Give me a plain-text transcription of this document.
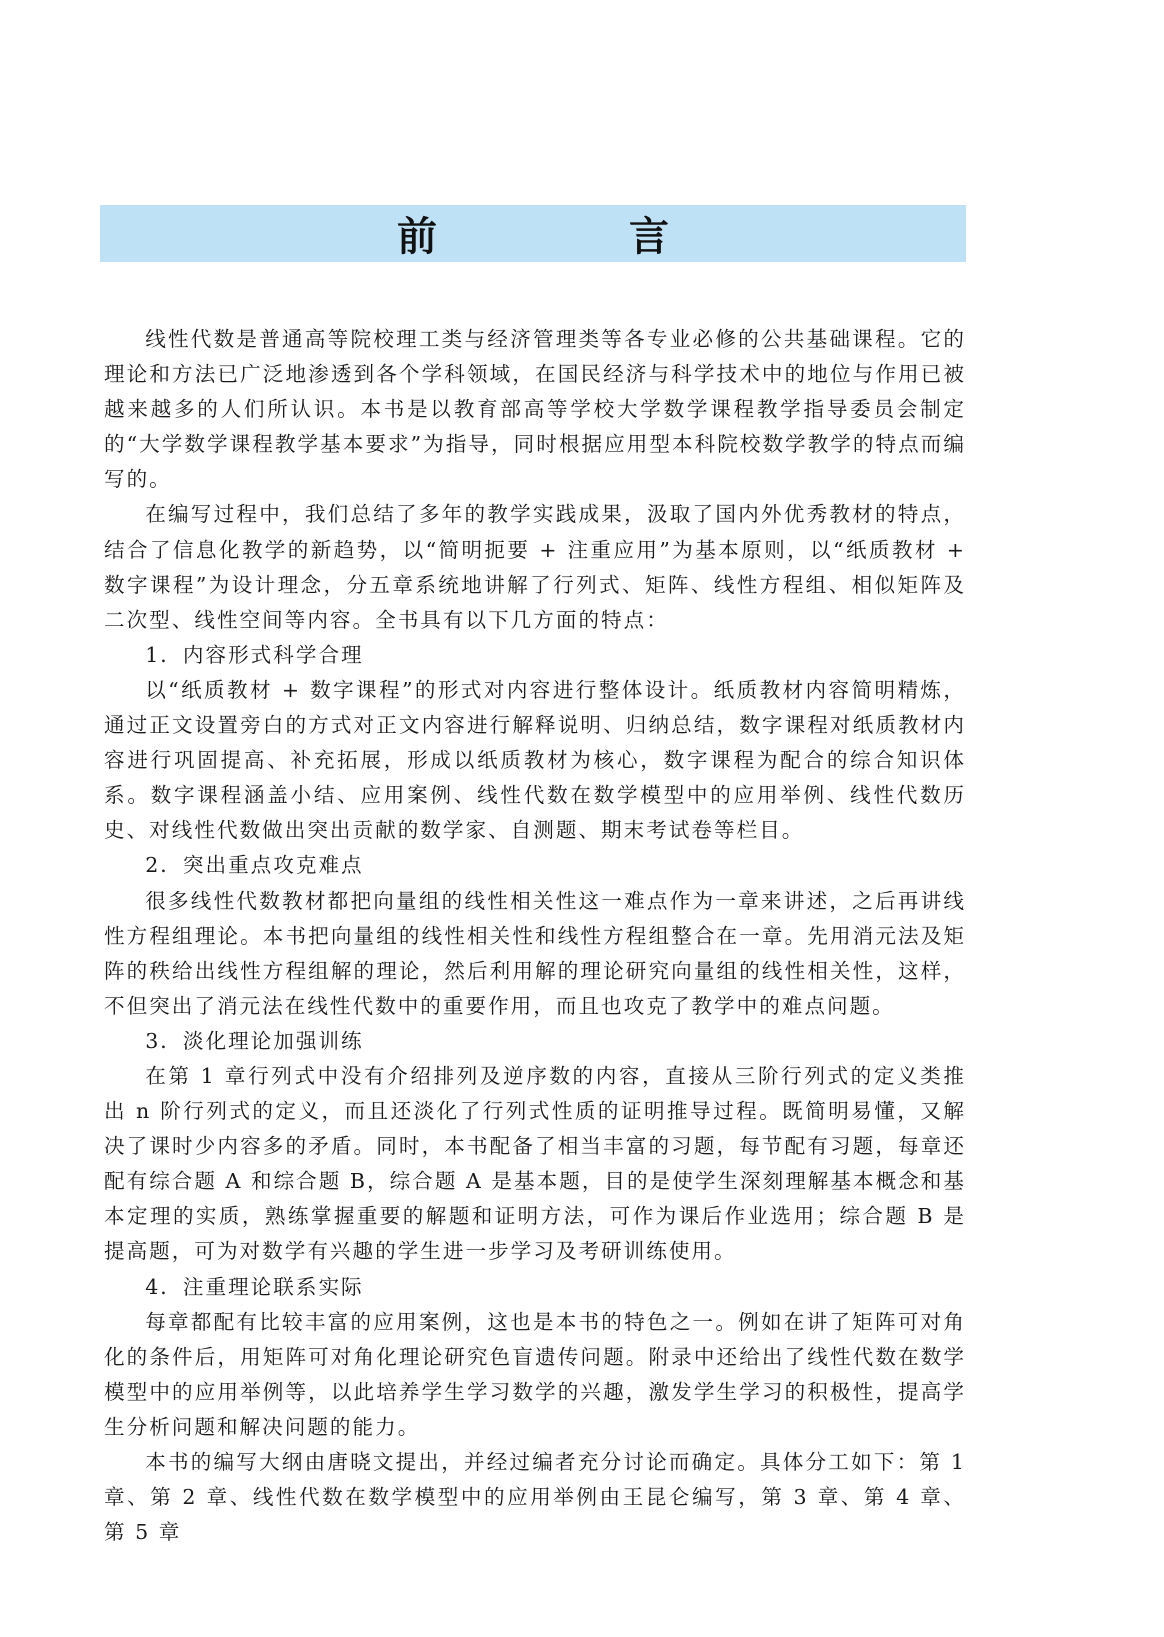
前　言

线性代数是普通高等院校理工类与经济管理类等各专业必修的公共基础课程。它的理论和方法已广泛地渗透到各个学科领域，在国民经济与科学技术中的地位与作用已被越来越多的人们所认识。本书是以教育部高等学校大学数学课程教学指导委员会制定的“大学数学课程教学基本要求”为指导，同时根据应用型本科院校数学教学的特点而编写的。

在编写过程中，我们总结了多年的教学实践成果，汲取了国内外优秀教材的特点，结合了信息化教学的新趋势，以“简明扼要 + 注重应用”为基本原则，以“纸质教材 + 数字课程”为设计理念，分五章系统地讲解了行列式、矩阵、线性方程组、相似矩阵及二次型、线性空间等内容。全书具有以下几方面的特点：

1．内容形式科学合理

以“纸质教材 + 数字课程”的形式对内容进行整体设计。纸质教材内容简明精炼，通过正文设置旁白的方式对正文内容进行解释说明、归纳总结，数字课程对纸质教材内容进行巩固提高、补充拓展，形成以纸质教材为核心，数字课程为配合的综合知识体系。数字课程涵盖小结、应用案例、线性代数在数学模型中的应用举例、线性代数历史、对线性代数做出突出贡献的数学家、自测题、期末考试卷等栏目。

2．突出重点攻克难点

很多线性代数教材都把向量组的线性相关性这一难点作为一章来讲述，之后再讲线性方程组理论。本书把向量组的线性相关性和线性方程组整合在一章。先用消元法及矩阵的秩给出线性方程组解的理论，然后利用解的理论研究向量组的线性相关性，这样，不但突出了消元法在线性代数中的重要作用，而且也攻克了教学中的难点问题。

3．淡化理论加强训练

在第 1 章行列式中没有介绍排列及逆序数的内容，直接从三阶行列式的定义类推出 n 阶行列式的定义，而且还淡化了行列式性质的证明推导过程。既简明易懂，又解决了课时少内容多的矛盾。同时，本书配备了相当丰富的习题，每节配有习题，每章还配有综合题 A 和综合题 B，综合题 A 是基本题，目的是使学生深刻理解基本概念和基本定理的实质，熟练掌握重要的解题和证明方法，可作为课后作业选用；综合题 B 是提高题，可为对数学有兴趣的学生进一步学习及考研训练使用。

4．注重理论联系实际

每章都配有比较丰富的应用案例，这也是本书的特色之一。例如在讲了矩阵可对角化的条件后，用矩阵可对角化理论研究色盲遗传问题。附录中还给出了线性代数在数学模型中的应用举例等，以此培养学生学习数学的兴趣，激发学生学习的积极性，提高学生分析问题和解决问题的能力。

本书的编写大纲由唐晓文提出，并经过编者充分讨论而确定。具体分工如下：第 1 章、第 2 章、线性代数在数学模型中的应用举例由王昆仑编写，第 3 章、第 4 章、第 5 章
